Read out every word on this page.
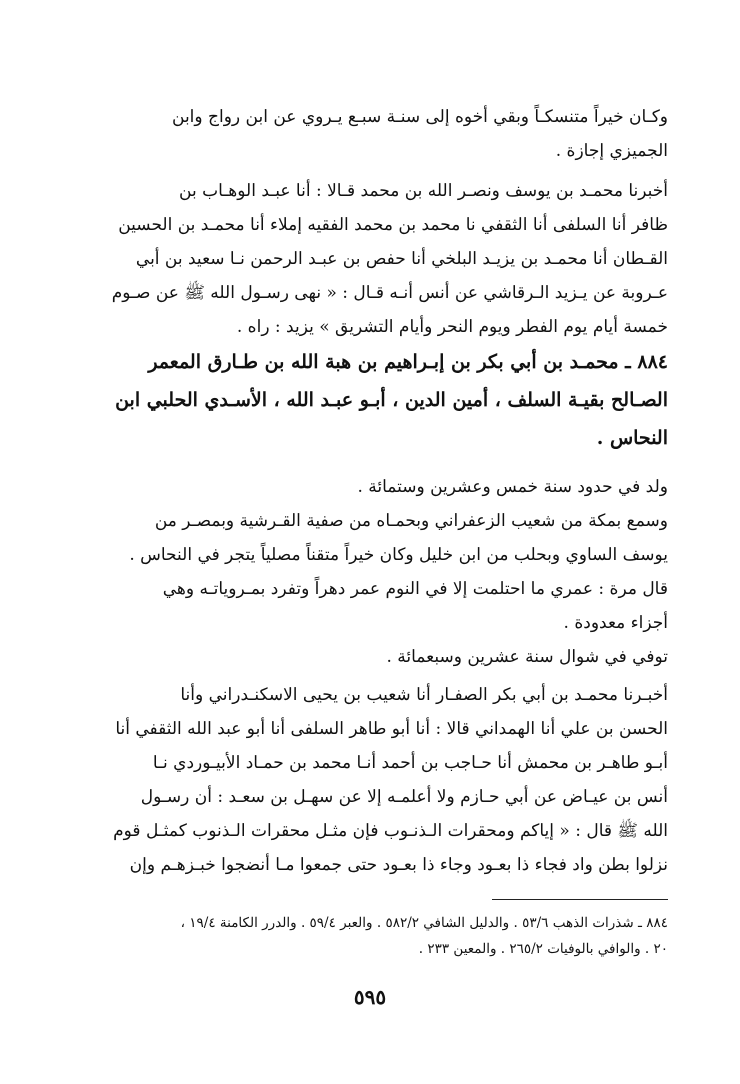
وكـان خيراً متنسكـاً وبقي أخوه إلى سنـة سبـع يـروي عن ابن رواج وابن
الجميزي إجازة .
أخبرنا محمـد بن يوسف ونصـر الله بن محمد قـالا : أنا عبـد الوهـاب بن
ظافر أنا السلفى أنا الثقفي نا محمد بن محمد الفقيه إملاء أنا محمـد بن الحسين
القـطان أنا محمـد بن يزيـد البلخي أنا حفص بن عبـد الرحمن نـا سعيد بن أبي
عـروبة عن يـزيد الـرقاشي عن أنس أنـه قـال : « نهى رسـول الله ﷺ عن صـوم
خمسة أيام يوم الفطر ويوم النحر وأيام التشريق » يزيد : راه .
٨٨٤ ـ محمـد بن أبي بكر بن إبـراهيم بن هبة الله بن طـارق المعمر
الصـالح بقيـة السلف ، أمين الدين ، أبـو عبـد الله ، الأسـدي الحلبي ابن
النحاس .
ولد في حدود سنة خمس وعشرين وستمائة .
وسمع بمكة من شعيب الزعفراني وبحمـاه من صفية القـرشية وبمصـر من
يوسف الساوي وبحلب من ابن خليل وكان خيراً متقناً مصلياً يتجر في النحاس .
قال مرة : عمري ما احتلمت إلا في النوم عمر دهراً وتفرد بمـروياتـه وهي
أجزاء معدودة .
توفي في شوال سنة عشرين وسبعمائة .
أخبـرنا محمـد بن أبي بكر الصفـار أنا شعيب بن يحيى الاسكنـدراني وأنا
الحسن بن علي أنا الهمداني قالا : أنا أبو طاهر السلفى أنا أبو عبد الله الثقفي أنا
أبـو طاهـر بن محمش أنا حـاجب بن أحمد أنـا محمد بن حمـاد الأبيـوردي نـا
أنس بن عيـاض عن أبي حـازم ولا أعلمـه إلا عن سهـل بن سعـد : أن رسـول
الله ﷺ قال : « إياكم ومحقرات الـذنـوب فإن مثـل محقرات الـذنوب كمثـل قوم
نزلوا بطن واد فجاء ذا بعـود وجاء ذا بعـود حتى جمعوا مـا أنضجوا خبـزهـم وإن
٨٨٤ ـ شذرات الذهب ٥٣/٦ . والدليل الشافي ٥٨٢/٢ . والعبر ٥٩/٤ . والدرر الكامنة ١٩/٤ ،
٢٠ . والوافي بالوفيات ٢٦٥/٢ . والمعين ٢٣٣ .
٥٩٥
